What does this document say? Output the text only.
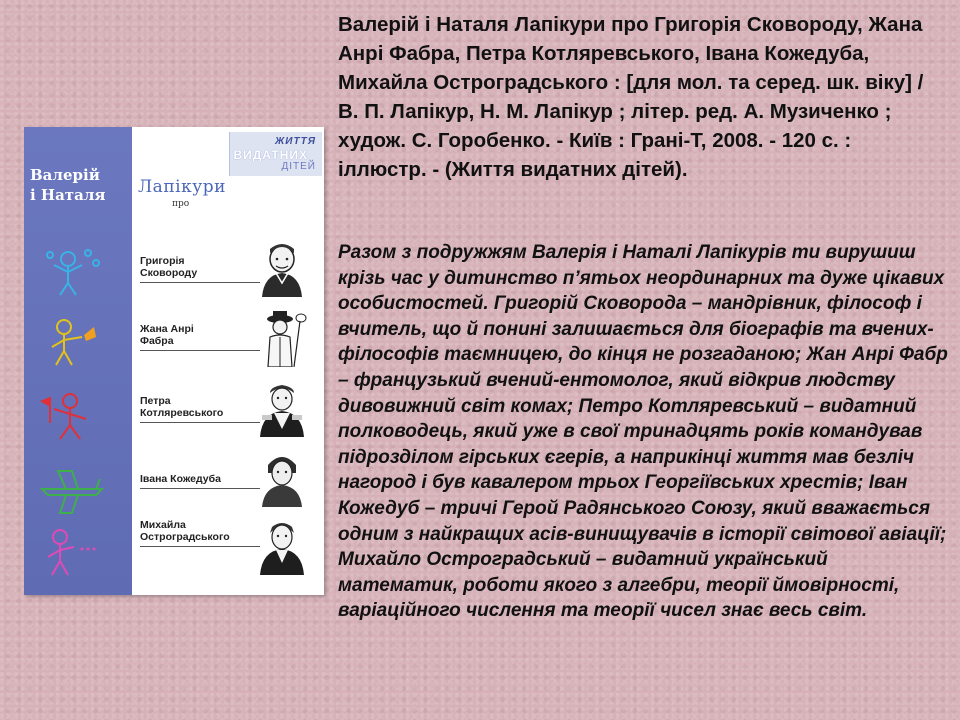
Валерій
і Наталя	Лапікури
про
ЖИТТЯ
ВИДАТНИХ
ДІТЕЙ
Григорія
Сковороду
Жана Анрі
Фабра
Петра
Котляревського
Івана Кожедуба
Михайла
Остроградського

Валерій і Наталя Лапікури про Григорія Сковороду, Жана Анрі Фабра, Петра Котляревського, Івана Кожедуба, Михайла Остроградського : [для мол. та серед. шк. віку] / В. П. Лапікур, Н. М. Лапікур ; літер. ред. А. Музиченко ; худож. С. Горобенко. - Київ : Грані-Т, 2008. - 120 с. : іллюстр. - (Життя видатних дітей).

Разом з подружжям Валерія і Наталі Лапікурів ти вирушиш крізь час у дитинство п’ятьох неординарних та дуже цікавих особистостей. Григорій Сковорода – мандрівник, філософ і вчитель, що й понині залишається для біографів та вчених-філософів таємницею, до кінця не розгаданою; Жан Анрі Фабр – французький вчений-ентомолог, який відкрив людству дивовижний світ комах; Петро Котляревський – видатний полководець, який уже в свої тринадцять років командував підрозділом гірських єгерів, а наприкінці життя мав безліч нагород і був кавалером трьох Георгіївських хрестів; Іван Кожедуб – тричі Герой Радянського Союзу, який вважається одним з найкращих асів-винищувачів в історії світової авіації; Михайло Остроградський – видатний український математик, роботи якого з алгебри, теорії ймовірності, варіаційного числення та теорії чисел знає весь світ.
